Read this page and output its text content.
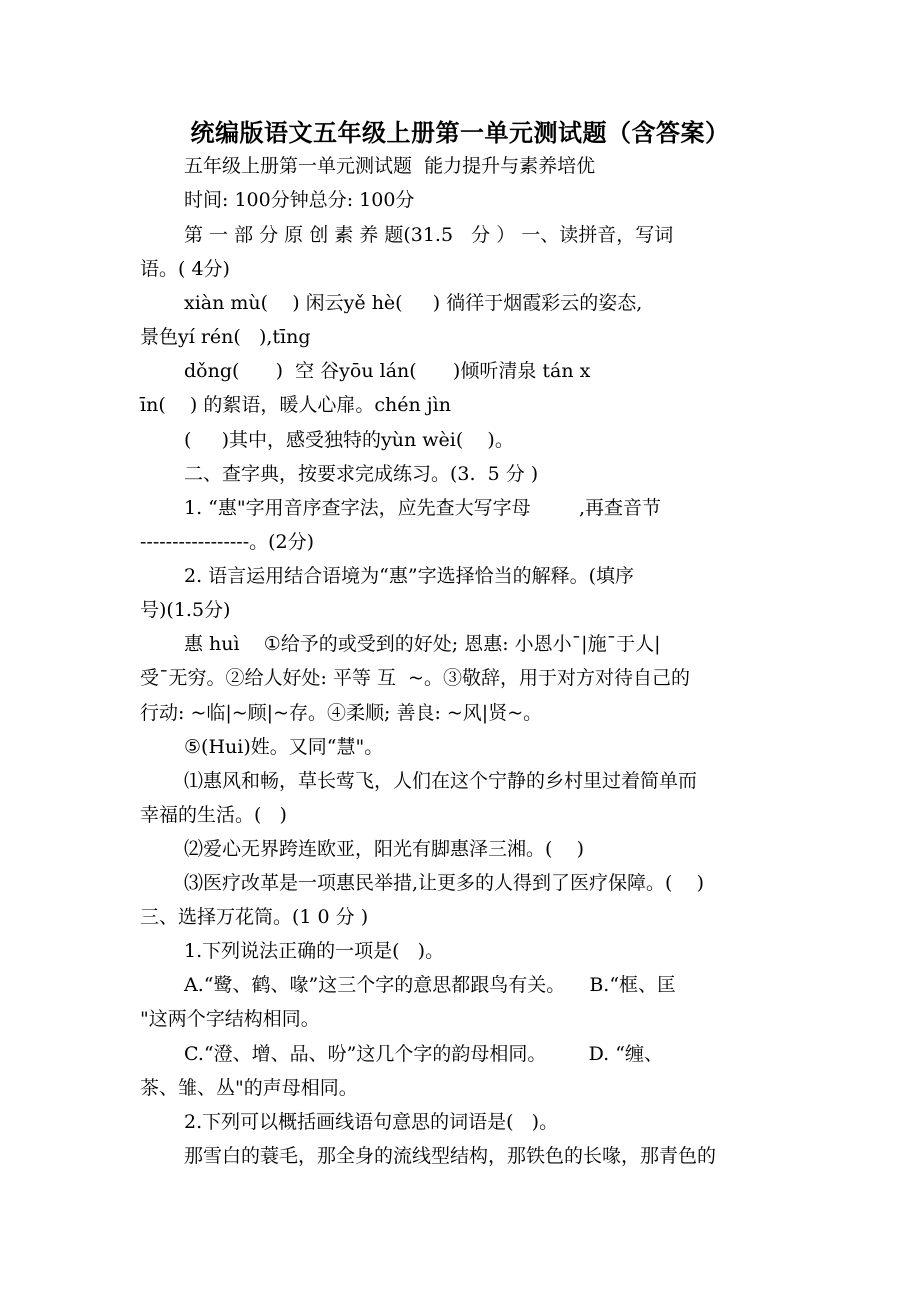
统编版语文五年级上册第一单元测试题（含答案）
五年级上册第一单元测试题  能力提升与素养培优
时间: 100分钟总分: 100分
第 一 部 分 原 创 素 养 题(31.5   分 ） 一、读拼音，写词
语。( 4分)
xiàn mù(    ) 闲云yě hè(     ) 徜徉于烟霞彩云的姿态,
景色yí rén(   ),tīng
dǒng(      )  空 谷yōu lán(      )倾听清泉 tán x
īn(    ) 的絮语，暖人心扉。chén jìn
(     )其中，感受独特的yùn wèi(    )。
二、查字典，按要求完成练习。(3.  5 分 )
1. “惠"字用音序查字法，应先查大写字母        ,再查音节
-----------------。(2分)
2. 语言运用结合语境为“惠”字选择恰当的解释。(填序
号)(1.5分)
惠 huì    ①给予的或受到的好处; 恩惠: 小恩小¯|施¯于人|
受¯无穷。②给人好处: 平等 互  ~。③敬辞，用于对方对待自己的
行动: ~临|~顾|~存。④柔顺; 善良: ~风|贤~。
⑤(Hui)姓。又同“慧"。
⑴惠风和畅，草长莺飞，人们在这个宁静的乡村里过着简单而
幸福的生活。(   )
⑵爱心无界跨连欧亚，阳光有脚惠泽三湘。(    )
⑶医疗改革是一项惠民举措,让更多的人得到了医疗保障。(    )
三、选择万花筒。(1 0 分 )
1.下列说法正确的一项是(   )。
A.“鹭、鹤、喙”这三个字的意思都跟鸟有关。    B.“框、匡
"这两个字结构相同。
C.“澄、增、品、吩”这几个字的韵母相同。       D. “缠、
茶、雏、丛"的声母相同。
2.下列可以概括画线语句意思的词语是(   )。
那雪白的蓑毛，那全身的流线型结构，那铁色的长喙，那青色的
